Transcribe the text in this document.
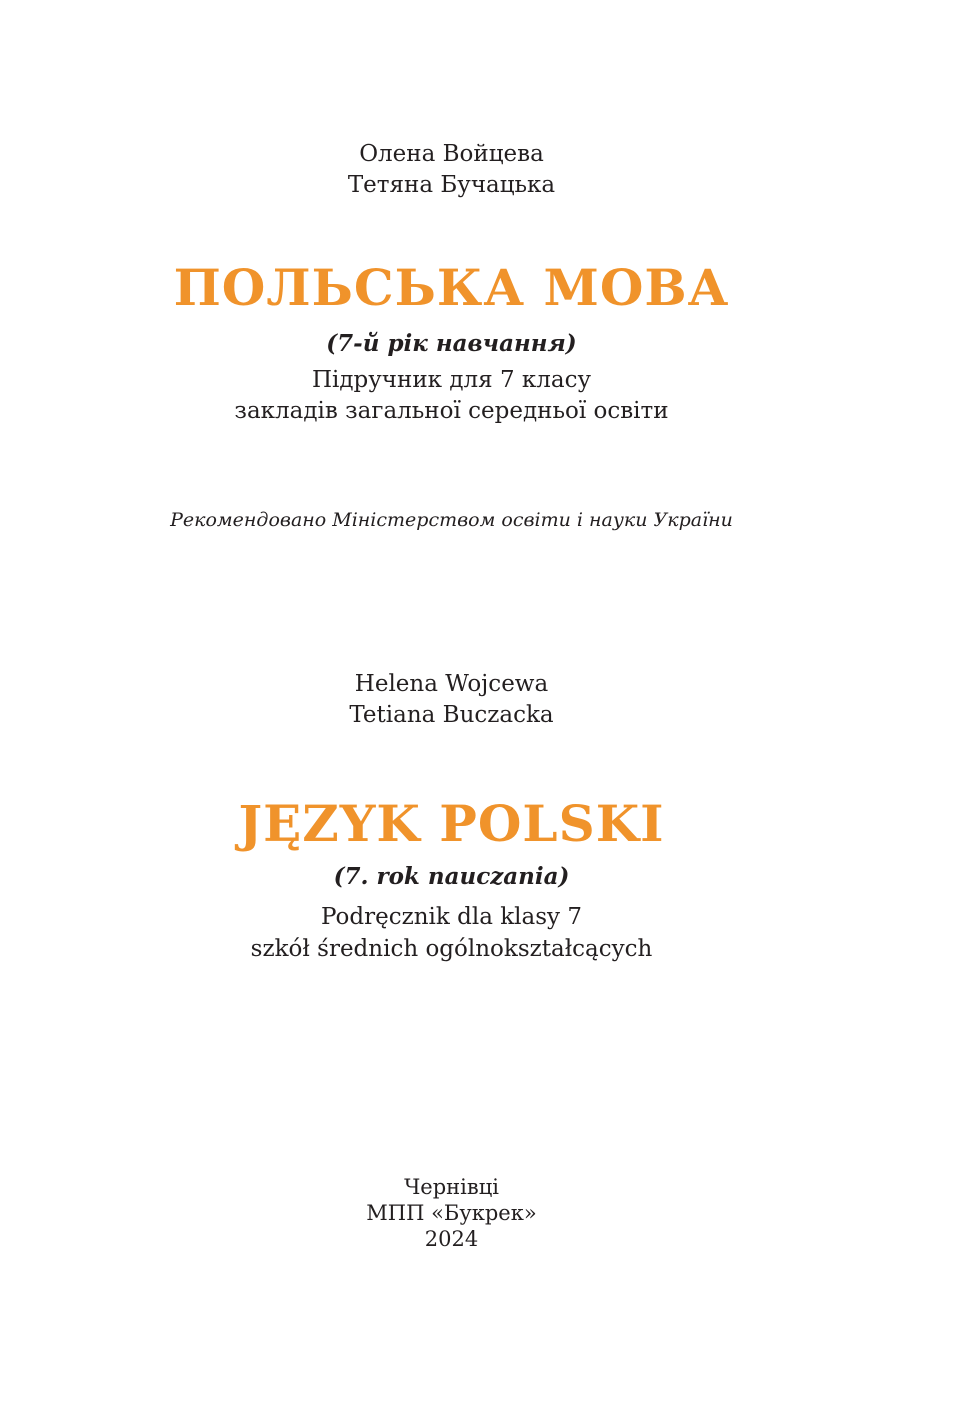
Олена Войцева
Тетяна Бучацька
ПОЛЬСЬКА МОВА
(7-й рік навчання)
Підручник для 7 класу
закладів загальної середньої освіти
Рекомендовано Міністерством освіти і науки України
Helena Wojcewa
Tetiana Buczacka
JĘZYK POLSKI
(7. rok nauczania)
Podręcznik dla klasy 7
szkół średnich ogólnokształcących
Чернівці
МПП «Букрек»
2024
